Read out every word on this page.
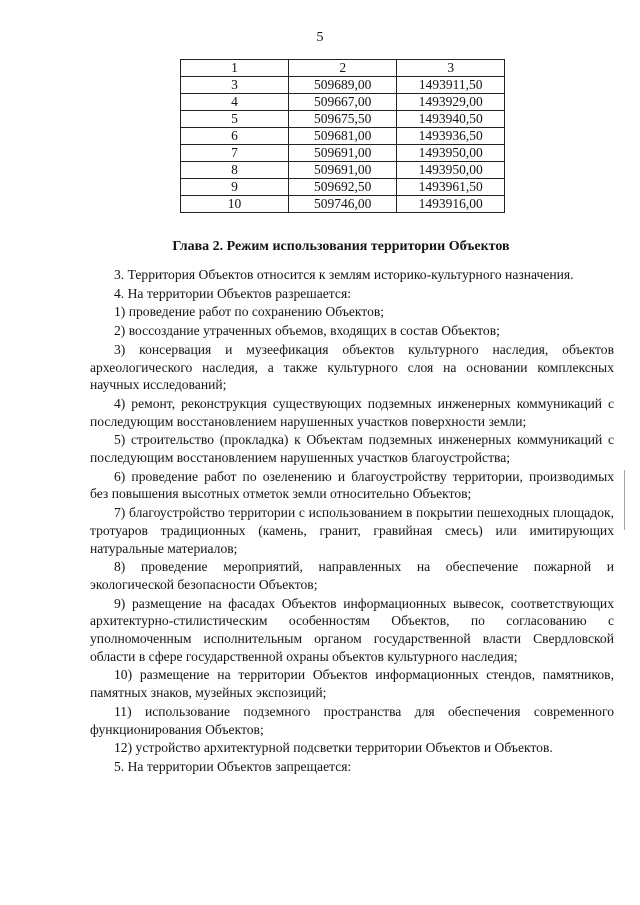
5
1	2	3
3	509689,00	1493911,50
4	509667,00	1493929,00
5	509675,50	1493940,50
6	509681,00	1493936,50
7	509691,00	1493950,00
8	509691,00	1493950,00
9	509692,50	1493961,50
10	509746,00	1493916,00
Глава 2. Режим использования территории Объектов

3. Территория Объектов относится к землям историко-культурного назначения.

4. На территории Объектов разрешается:

1) проведение работ по сохранению Объектов;

2) воссоздание утраченных объемов, входящих в состав Объектов;

3) консервация и музеефикация объектов культурного наследия, объектов археологического наследия, а также культурного слоя на основании комплексных научных исследований;

4) ремонт, реконструкция существующих подземных инженерных коммуникаций с последующим восстановлением нарушенных участков поверхности земли;

5) строительство (прокладка) к Объектам подземных инженерных коммуникаций с последующим восстановлением нарушенных участков благоустройства;

6) проведение работ по озеленению и благоустройству территории, производимых без повышения высотных отметок земли относительно Объектов;

7) благоустройство территории с использованием в покрытии пешеходных площадок, тротуаров традиционных (камень, гранит, гравийная смесь) или имитирующих натуральные материалов;

8) проведение мероприятий, направленных на обеспечение пожарной и экологической безопасности Объектов;

9) размещение на фасадах Объектов информационных вывесок, соответствующих архитектурно-стилистическим особенностям Объектов, по согласованию с уполномоченным исполнительным органом государственной власти Свердловской области в сфере государственной охраны объектов культурного наследия;

10) размещение на территории Объектов информационных стендов, памятников, памятных знаков, музейных экспозиций;

11) использование подземного пространства для обеспечения современного функционирования Объектов;

12) устройство архитектурной подсветки территории Объектов и Объектов.

5. На территории Объектов запрещается:
